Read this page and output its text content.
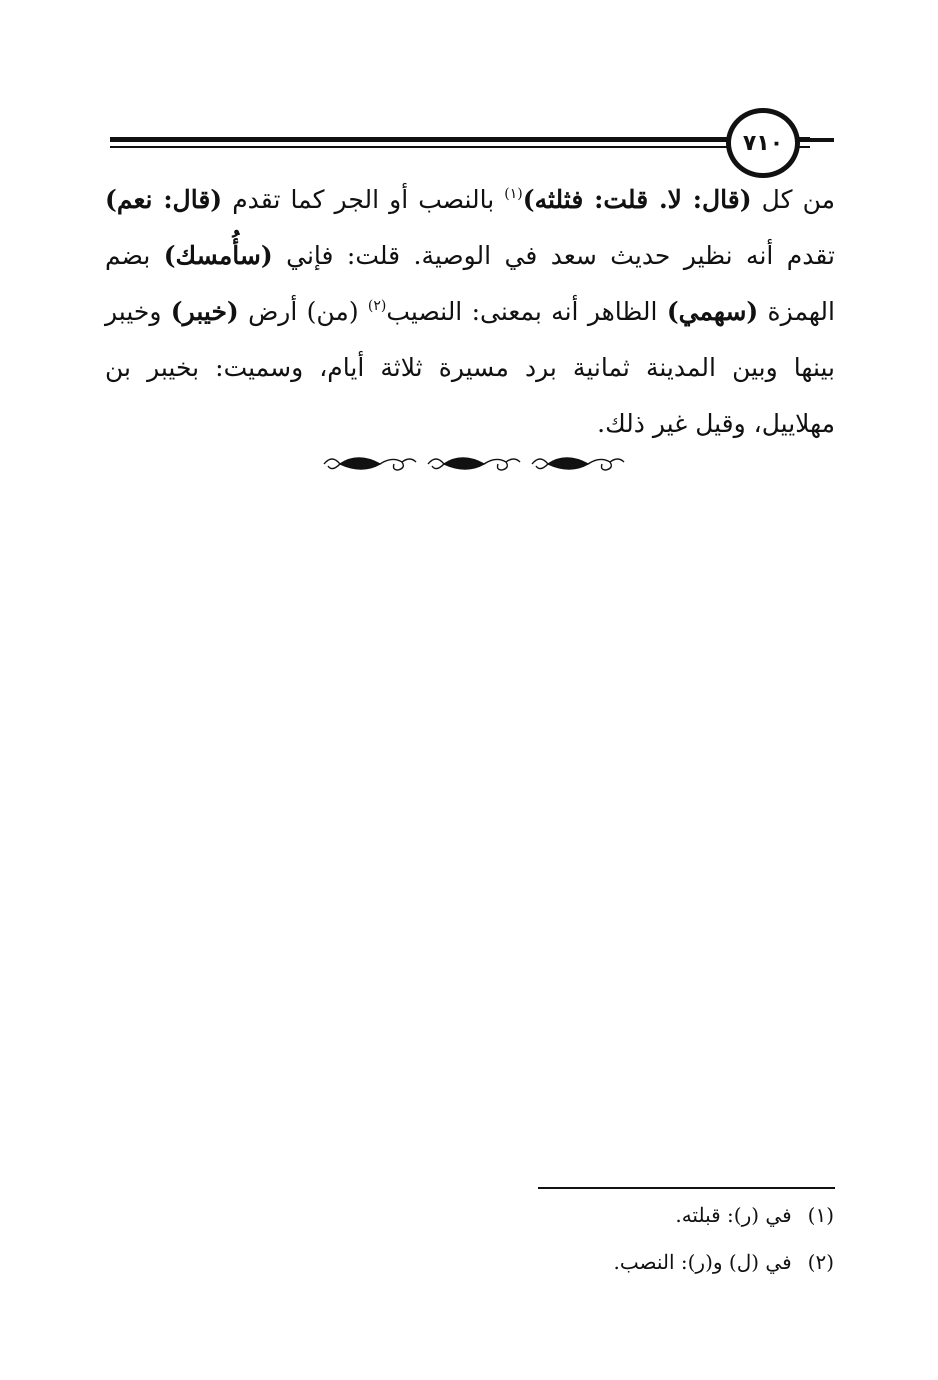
٧١٠
من كل (قال: لا. قلت: فثلثه)$^{(١)}$ بالنصب أو الجر كما تقدم (قال: نعم) تقدم أنه نظير حديث سعد في الوصية. قلت: فإني (سأُمسك) بضم الهمزة (سهمي) الظاهر أنه بمعنى: النصيب$^{(٢)}$ (من) أرض (خيبر) وخيبر بينها وبين المدينة ثمانية برد مسيرة ثلاثة أيام، وسميت: بخيبر بن مهلاييل، وقيل غير ذلك.
(١)في (ر): قبلته.
(٢)في (ل) و(ر): النصب.
